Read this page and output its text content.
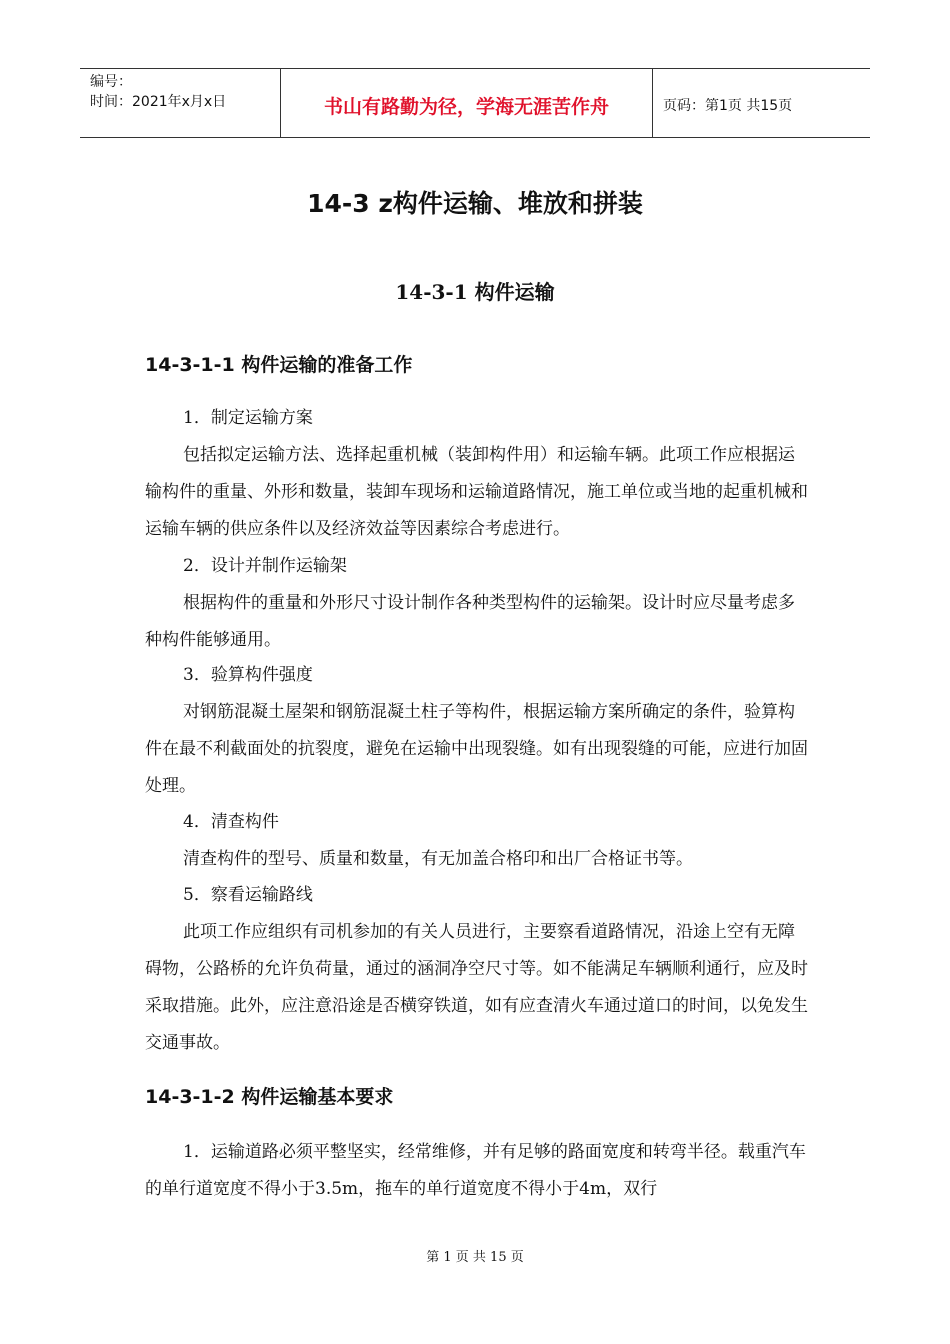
编号：
时间：2021年x月x日	书山有路勤为径，学海无涯苦作舟	页码：第1页 共15页
14-3 z构件运输、堆放和拼装
14-3-1 构件运输
14-3-1-1 构件运输的准备工作
1．制定运输方案
包括拟定运输方法、选择起重机械（装卸构件用）和运输车辆。此项工作应根据运输构件的重量、外形和数量，装卸车现场和运输道路情况，施工单位或当地的起重机械和运输车辆的供应条件以及经济效益等因素综合考虑进行。
2．设计并制作运输架
根据构件的重量和外形尺寸设计制作各种类型构件的运输架。设计时应尽量考虑多种构件能够通用。
3．验算构件强度
对钢筋混凝土屋架和钢筋混凝土柱子等构件，根据运输方案所确定的条件，验算构件在最不利截面处的抗裂度，避免在运输中出现裂缝。如有出现裂缝的可能，应进行加固处理。
4．清查构件
清查构件的型号、质量和数量，有无加盖合格印和出厂合格证书等。
5．察看运输路线
此项工作应组织有司机参加的有关人员进行，主要察看道路情况，沿途上空有无障碍物，公路桥的允许负荷量，通过的涵洞净空尺寸等。如不能满足车辆顺利通行，应及时采取措施。此外，应注意沿途是否横穿铁道，如有应查清火车通过道口的时间，以免发生交通事故。
14-3-1-2 构件运输基本要求
1．运输道路必须平整坚实，经常维修，并有足够的路面宽度和转弯半径。载重汽车的单行道宽度不得小于3.5m，拖车的单行道宽度不得小于4m，双行
第 1 页 共 15 页
